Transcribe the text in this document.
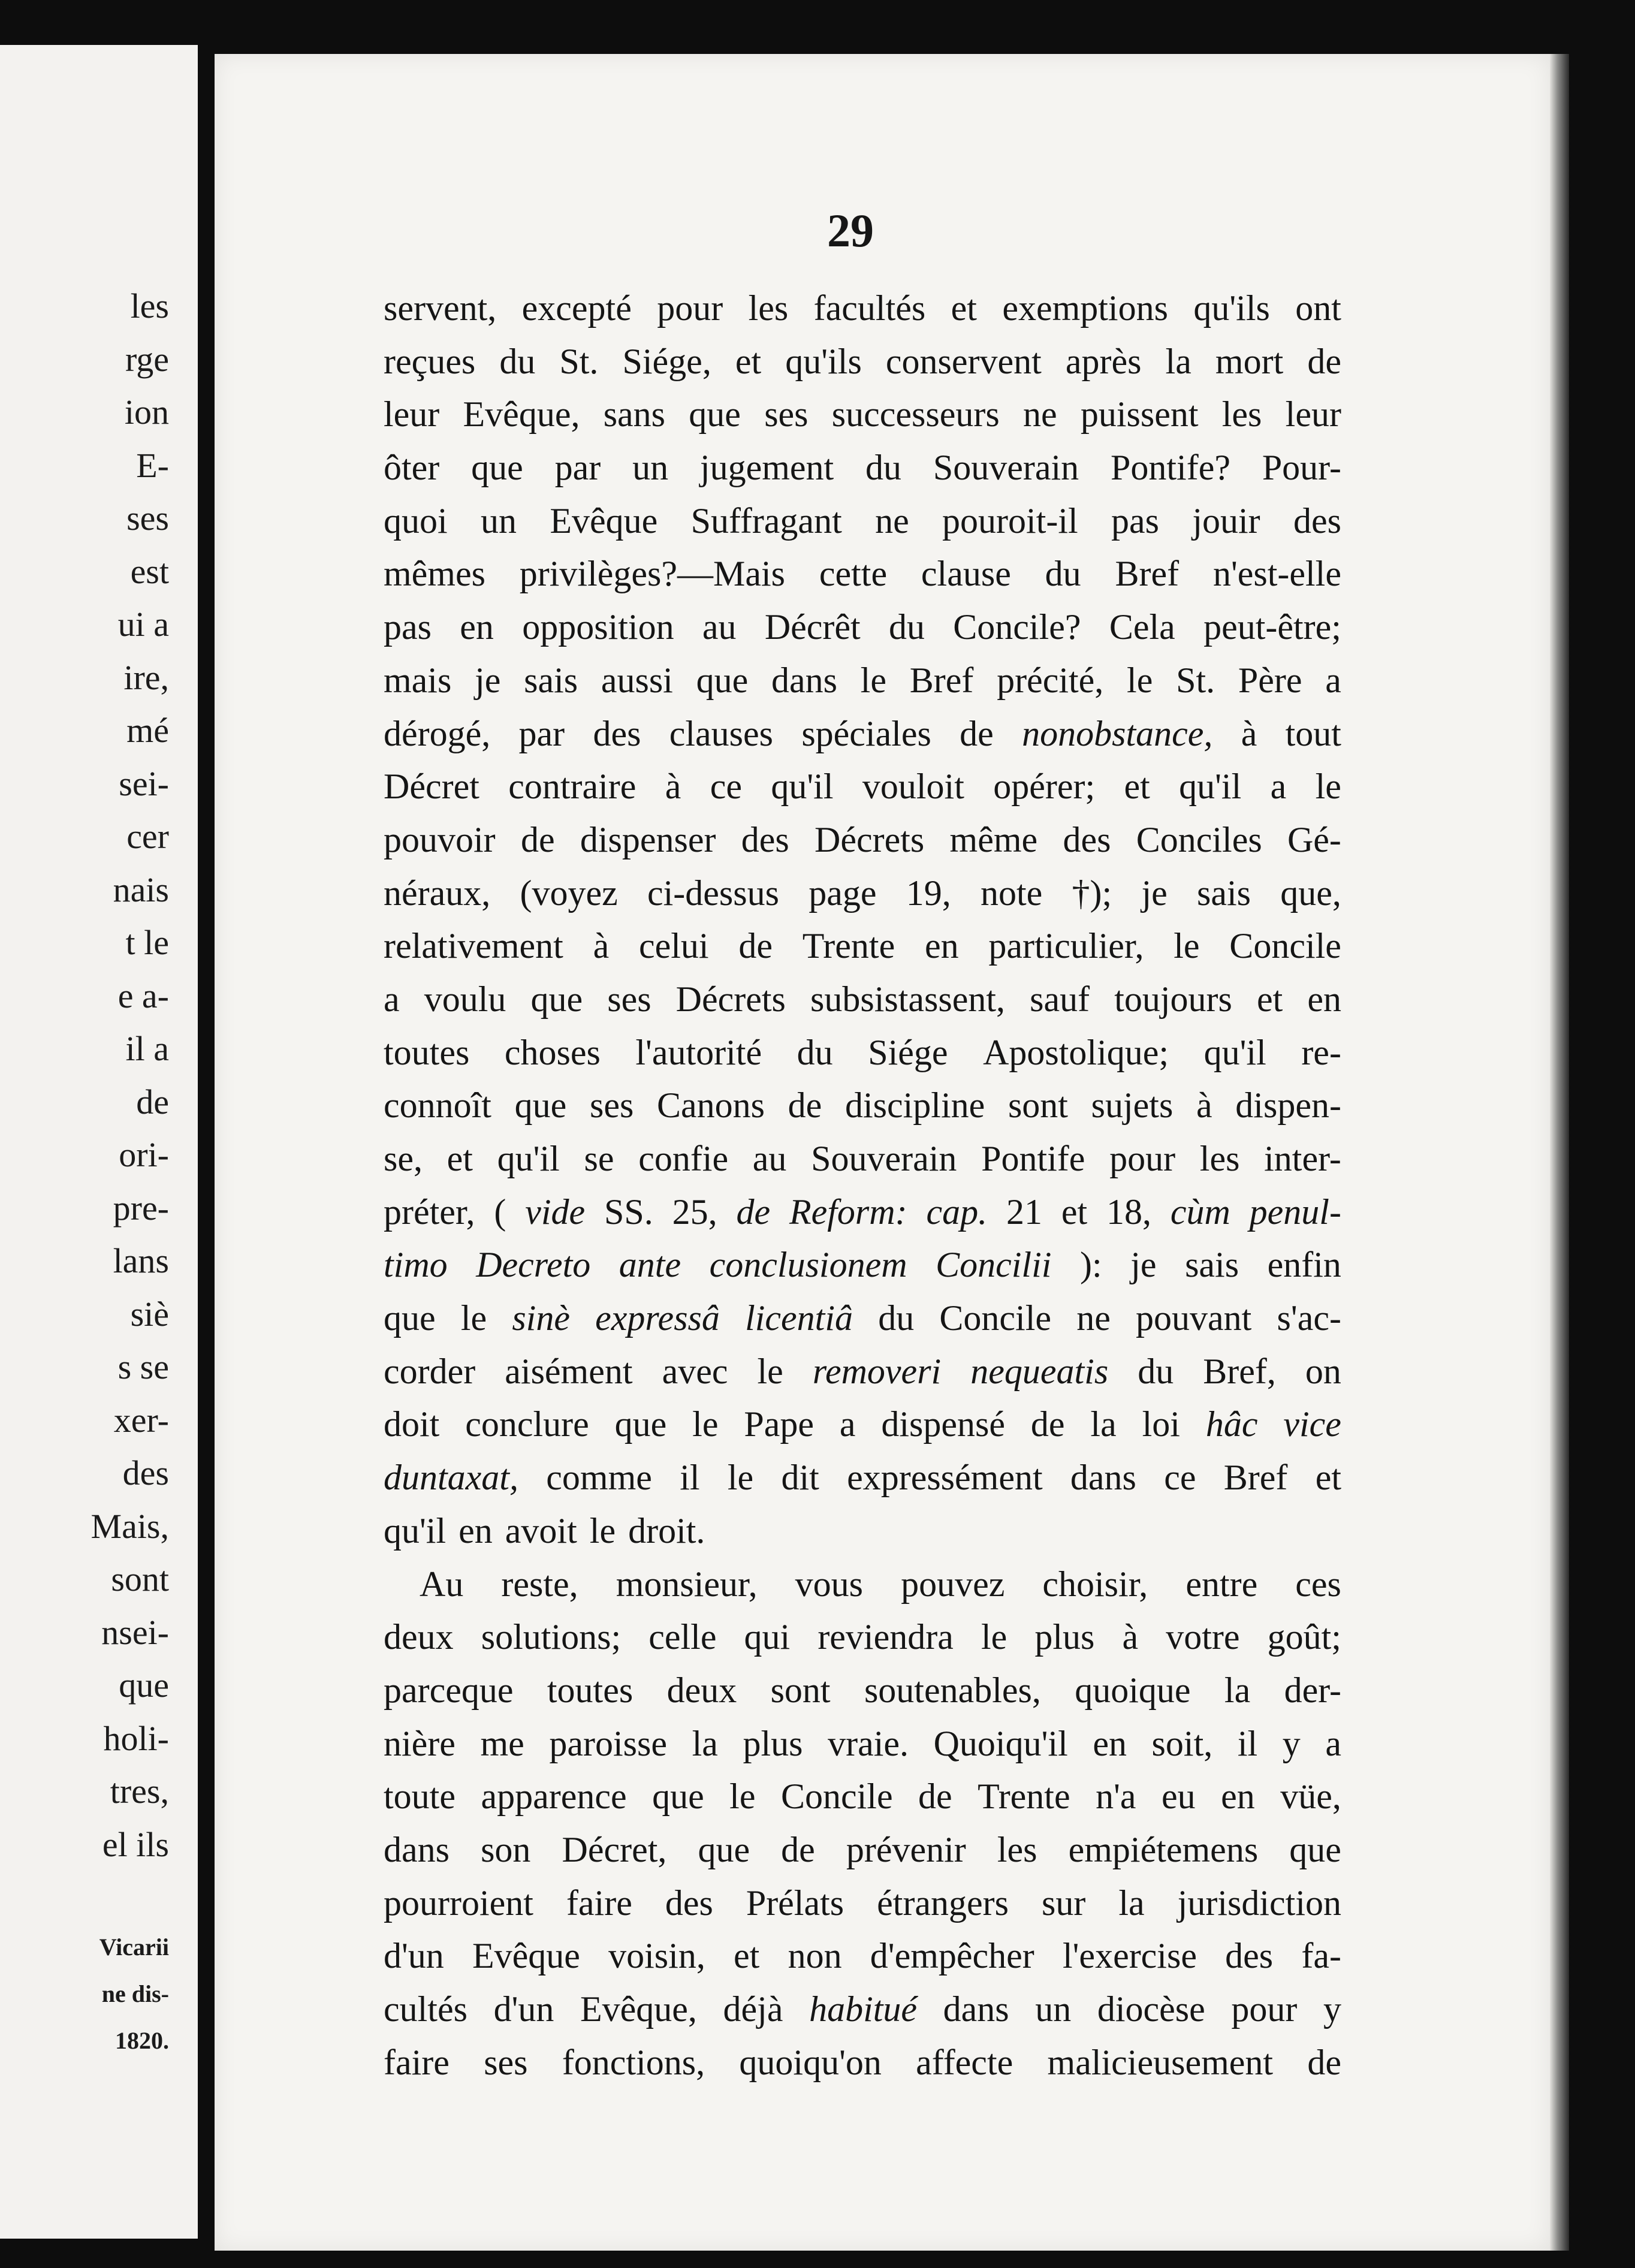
les
rge
ion
E-
ses
est
ui a
ire,
mé
sei-
cer
nais
t le
e a-
il a
de
ori-
pre-
lans
siè
s se
xer-
des
Mais,
sont
nsei-
que
holi-
tres,
el ils
Vicarii
ne dis-
1820.
29
servent, excepté pour les facultés et exemptions qu'ils ont
reçues du St. Siége, et qu'ils conservent après la mort de
leur Evêque, sans que ses successeurs ne puissent les leur
ôter que par un jugement du Souverain Pontife? Pour-
quoi un Evêque Suffragant ne pouroit-il pas jouir des
mêmes privilèges?—Mais cette clause du Bref n'est-elle
pas en opposition au Décrêt du Concile? Cela peut-être;
mais je sais aussi que dans le Bref précité, le St. Père a
dérogé, par des clauses spéciales de nonobstance, à tout
Décret contraire à ce qu'il vouloit opérer; et qu'il a le
pouvoir de dispenser des Décrets même des Conciles Gé-
néraux, (voyez ci-dessus page 19, note †); je sais que,
relativement à celui de Trente en particulier, le Concile
a voulu que ses Décrets subsistassent, sauf toujours et en
toutes choses l'autorité du Siége Apostolique; qu'il re-
connoît que ses Canons de discipline sont sujets à dispen-
se, et qu'il se confie au Souverain Pontife pour les inter-
préter, ( vide SS. 25, de Reform: cap. 21 et 18, cùm penul-
timo Decreto ante conclusionem Concilii ): je sais enfin
que le sinè expressâ licentiâ du Concile ne pouvant s'ac-
corder aisément avec le removeri nequeatis du Bref, on
doit conclure que le Pape a dispensé de la loi hâc vice
duntaxat, comme il le dit expressément dans ce Bref et
qu'il en avoit le droit.
Au reste, monsieur, vous pouvez choisir, entre ces
deux solutions; celle qui reviendra le plus à votre goût;
parceque toutes deux sont soutenables, quoique la der-
nière me paroisse la plus vraie. Quoiqu'il en soit, il y a
toute apparence que le Concile de Trente n'a eu en vüe,
dans son Décret, que de prévenir les empiétemens que
pourroient faire des Prélats étrangers sur la jurisdiction
d'un Evêque voisin, et non d'empêcher l'exercise des fa-
cultés d'un Evêque, déjà habitué dans un diocèse pour y
faire ses fonctions, quoiqu'on affecte malicieusement de
